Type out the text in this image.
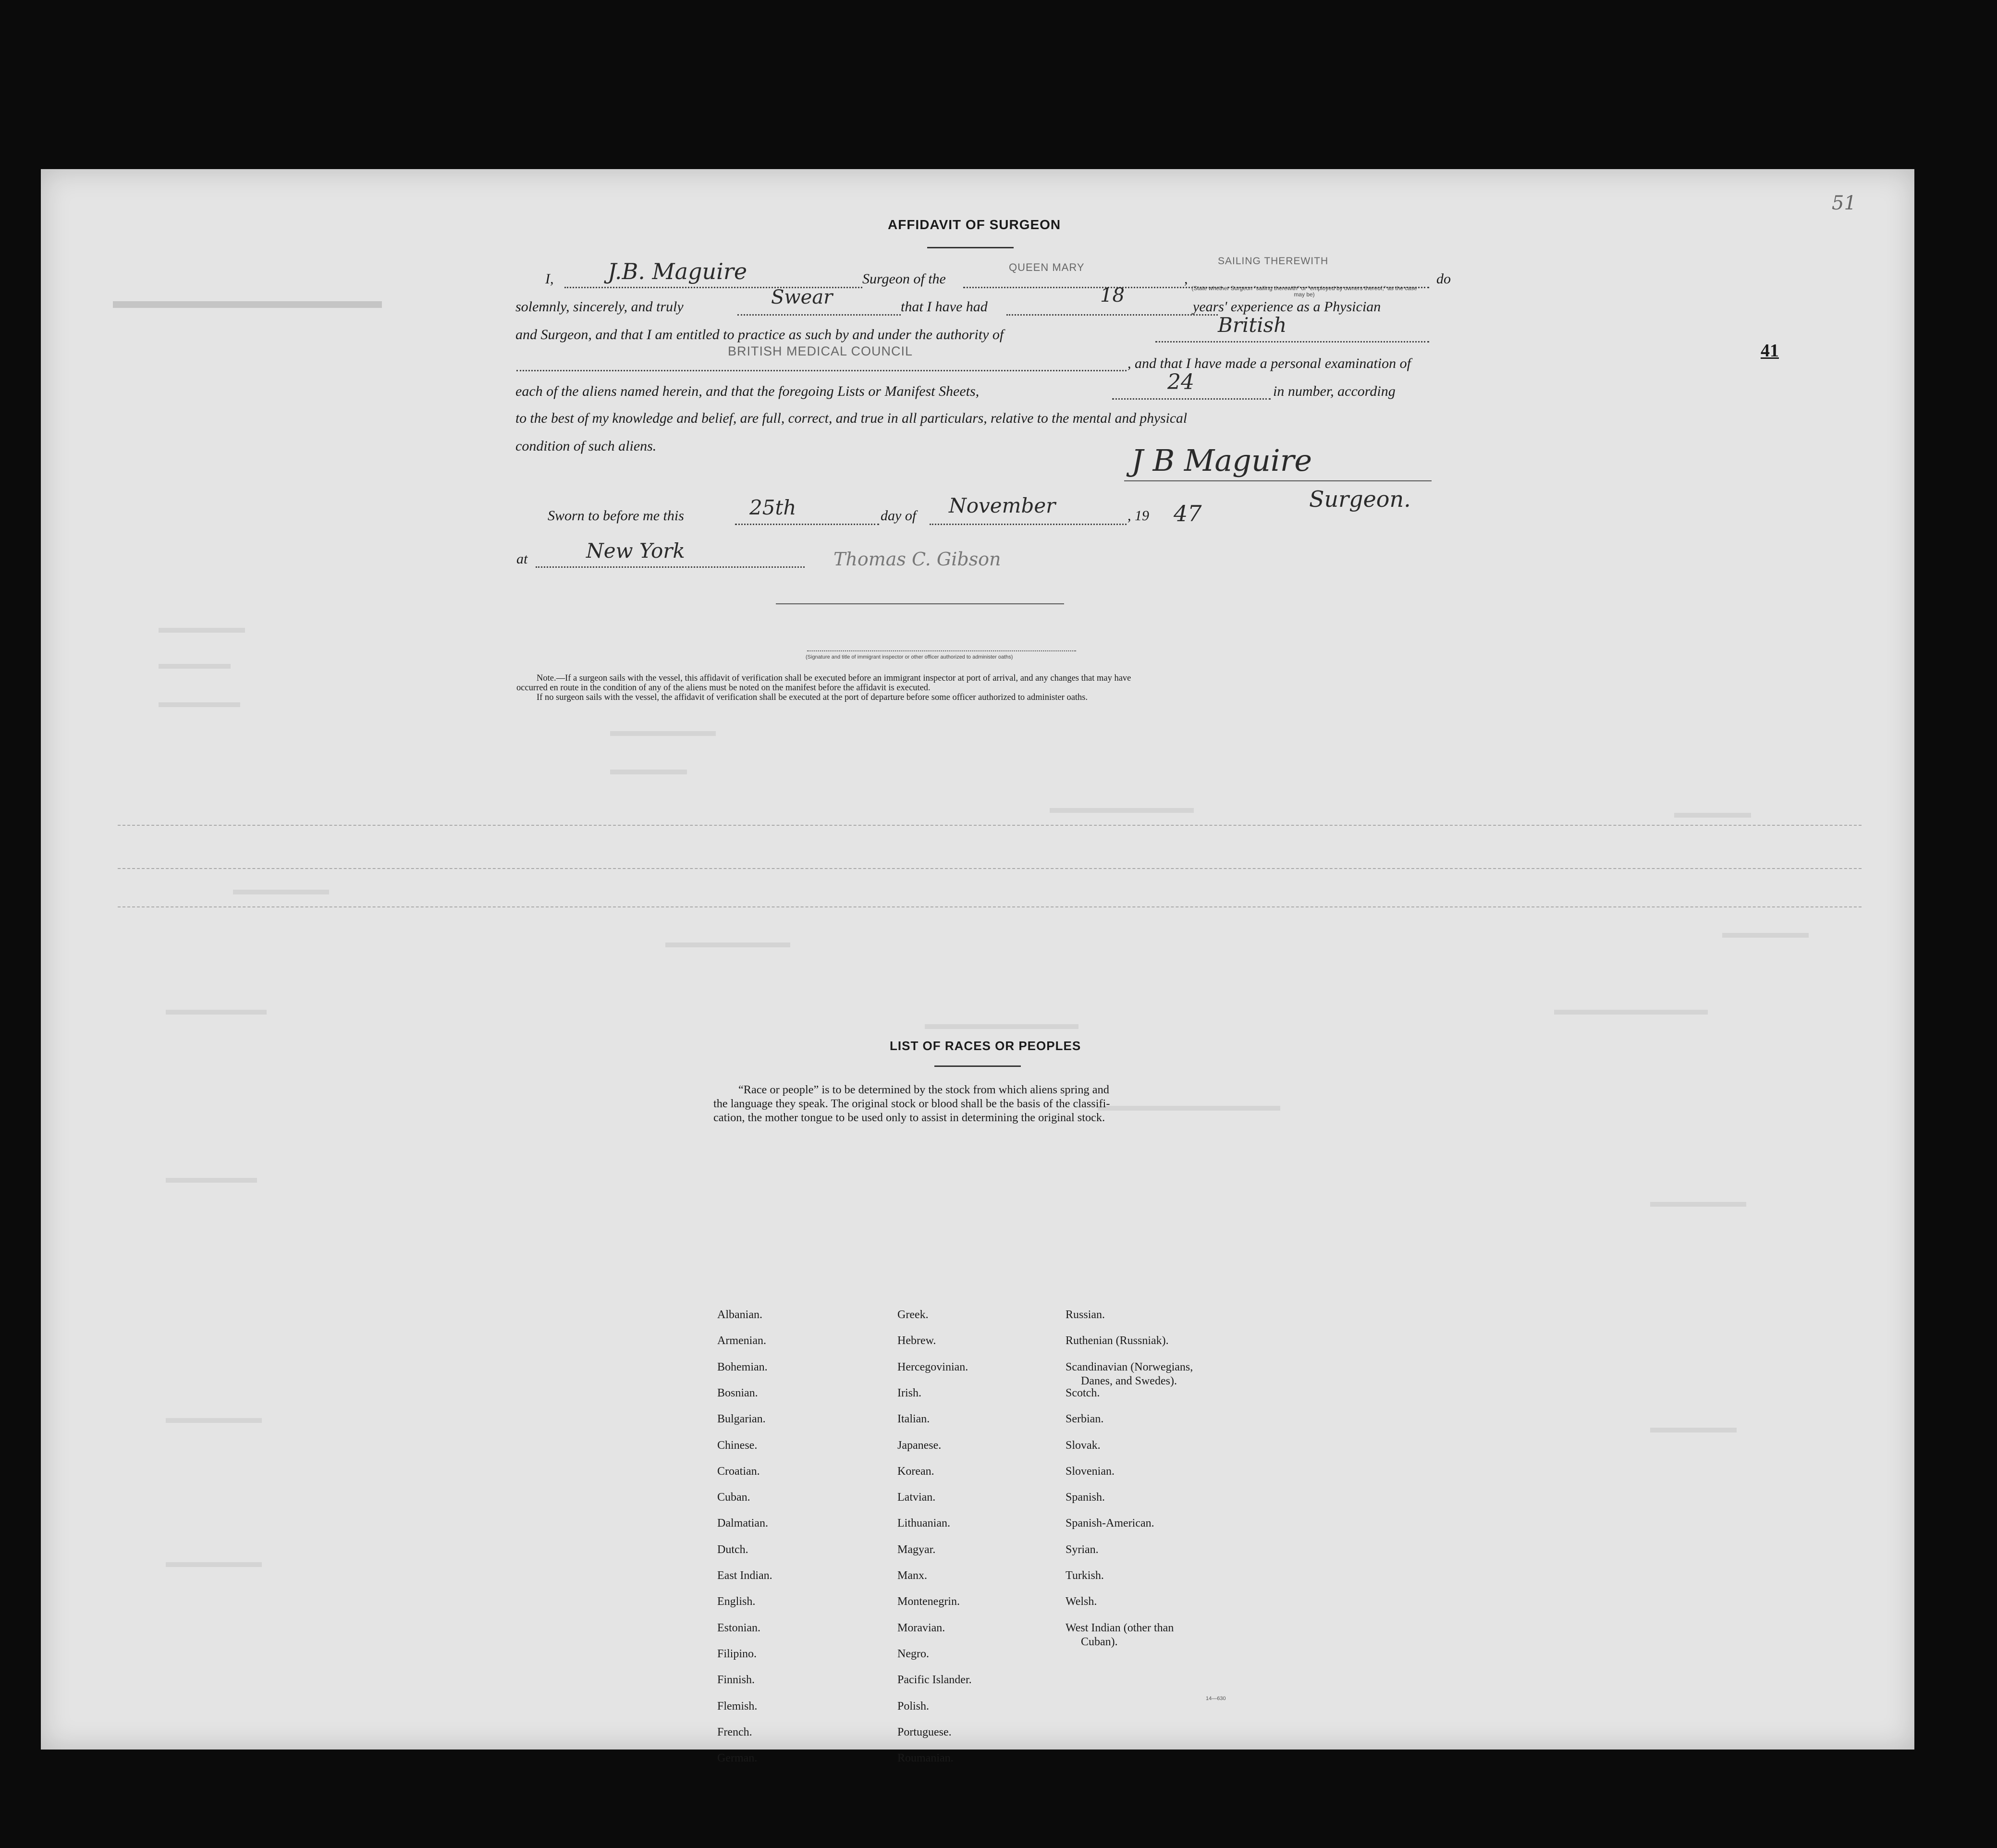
51
41
AFFIDAVIT OF SURGEON
I, J.B. Maguire	Surgeon of the
QUEEN MARY
,
SAILING THEREWITH
(State whether Surgeon "sailing therewith" or "employed by owners thereof," as the case may be)
do
solemnly, sincerely, and truly	Swear	that I have had
18
years' experience as a Physician
and Surgeon, and that I am entitled to practice as such by and under the authority of	British
BRITISH MEDICAL COUNCIL
, and that I have made a personal examination of
each of the aliens named herein, and that the foregoing Lists or Manifest Sheets,	24	in number, according
to the best of my knowledge and belief, are full, correct, and true in all particulars, relative to the mental and physical
condition of such aliens.	J B Maguire
Surgeon.
Sworn to before me this	25th	day of November	, 19 47
at	New York	Thomas C. Gibson
(Signature and title of immigrant inspector or other officer authorized to administer oaths)
Note.—If a surgeon sails with the vessel, this affidavit of verification shall be executed before an immigrant inspector at port of arrival, and any changes that may have
occurred en route in the condition of any of the aliens must be noted on the manifest before the affidavit is executed.
If no surgeon sails with the vessel, the affidavit of verification shall be executed at the port of departure before some officer authorized to administer oaths.
LIST OF RACES OR PEOPLES
“Race or people” is to be determined by the stock from which aliens spring and
the language they speak. The original stock or blood shall be the basis of the classifi-
cation, the mother tongue to be used only to assist in determining the original stock.
Albanian.
Armenian.
Bohemian.
Bosnian.
Bulgarian.
Chinese.
Croatian.
Cuban.
Dalmatian.
Dutch.
East Indian.
English.
Estonian.
Filipino.
Finnish.
Flemish.
French.
German.
Greek.
Hebrew.
Hercegovinian.
Irish.
Italian.
Japanese.
Korean.
Latvian.
Lithuanian.
Magyar.
Manx.
Montenegrin.
Moravian.
Negro.
Pacific Islander.
Polish.
Portuguese.
Roumanian.
Russian.
Ruthenian (Russniak).
Scandinavian (Norwegians,
Danes, and Swedes).
Scotch.
Serbian.
Slovak.
Slovenian.
Spanish.
Spanish-American.
Syrian.
Turkish.
Welsh.
West Indian (other than
Cuban).
14—630
